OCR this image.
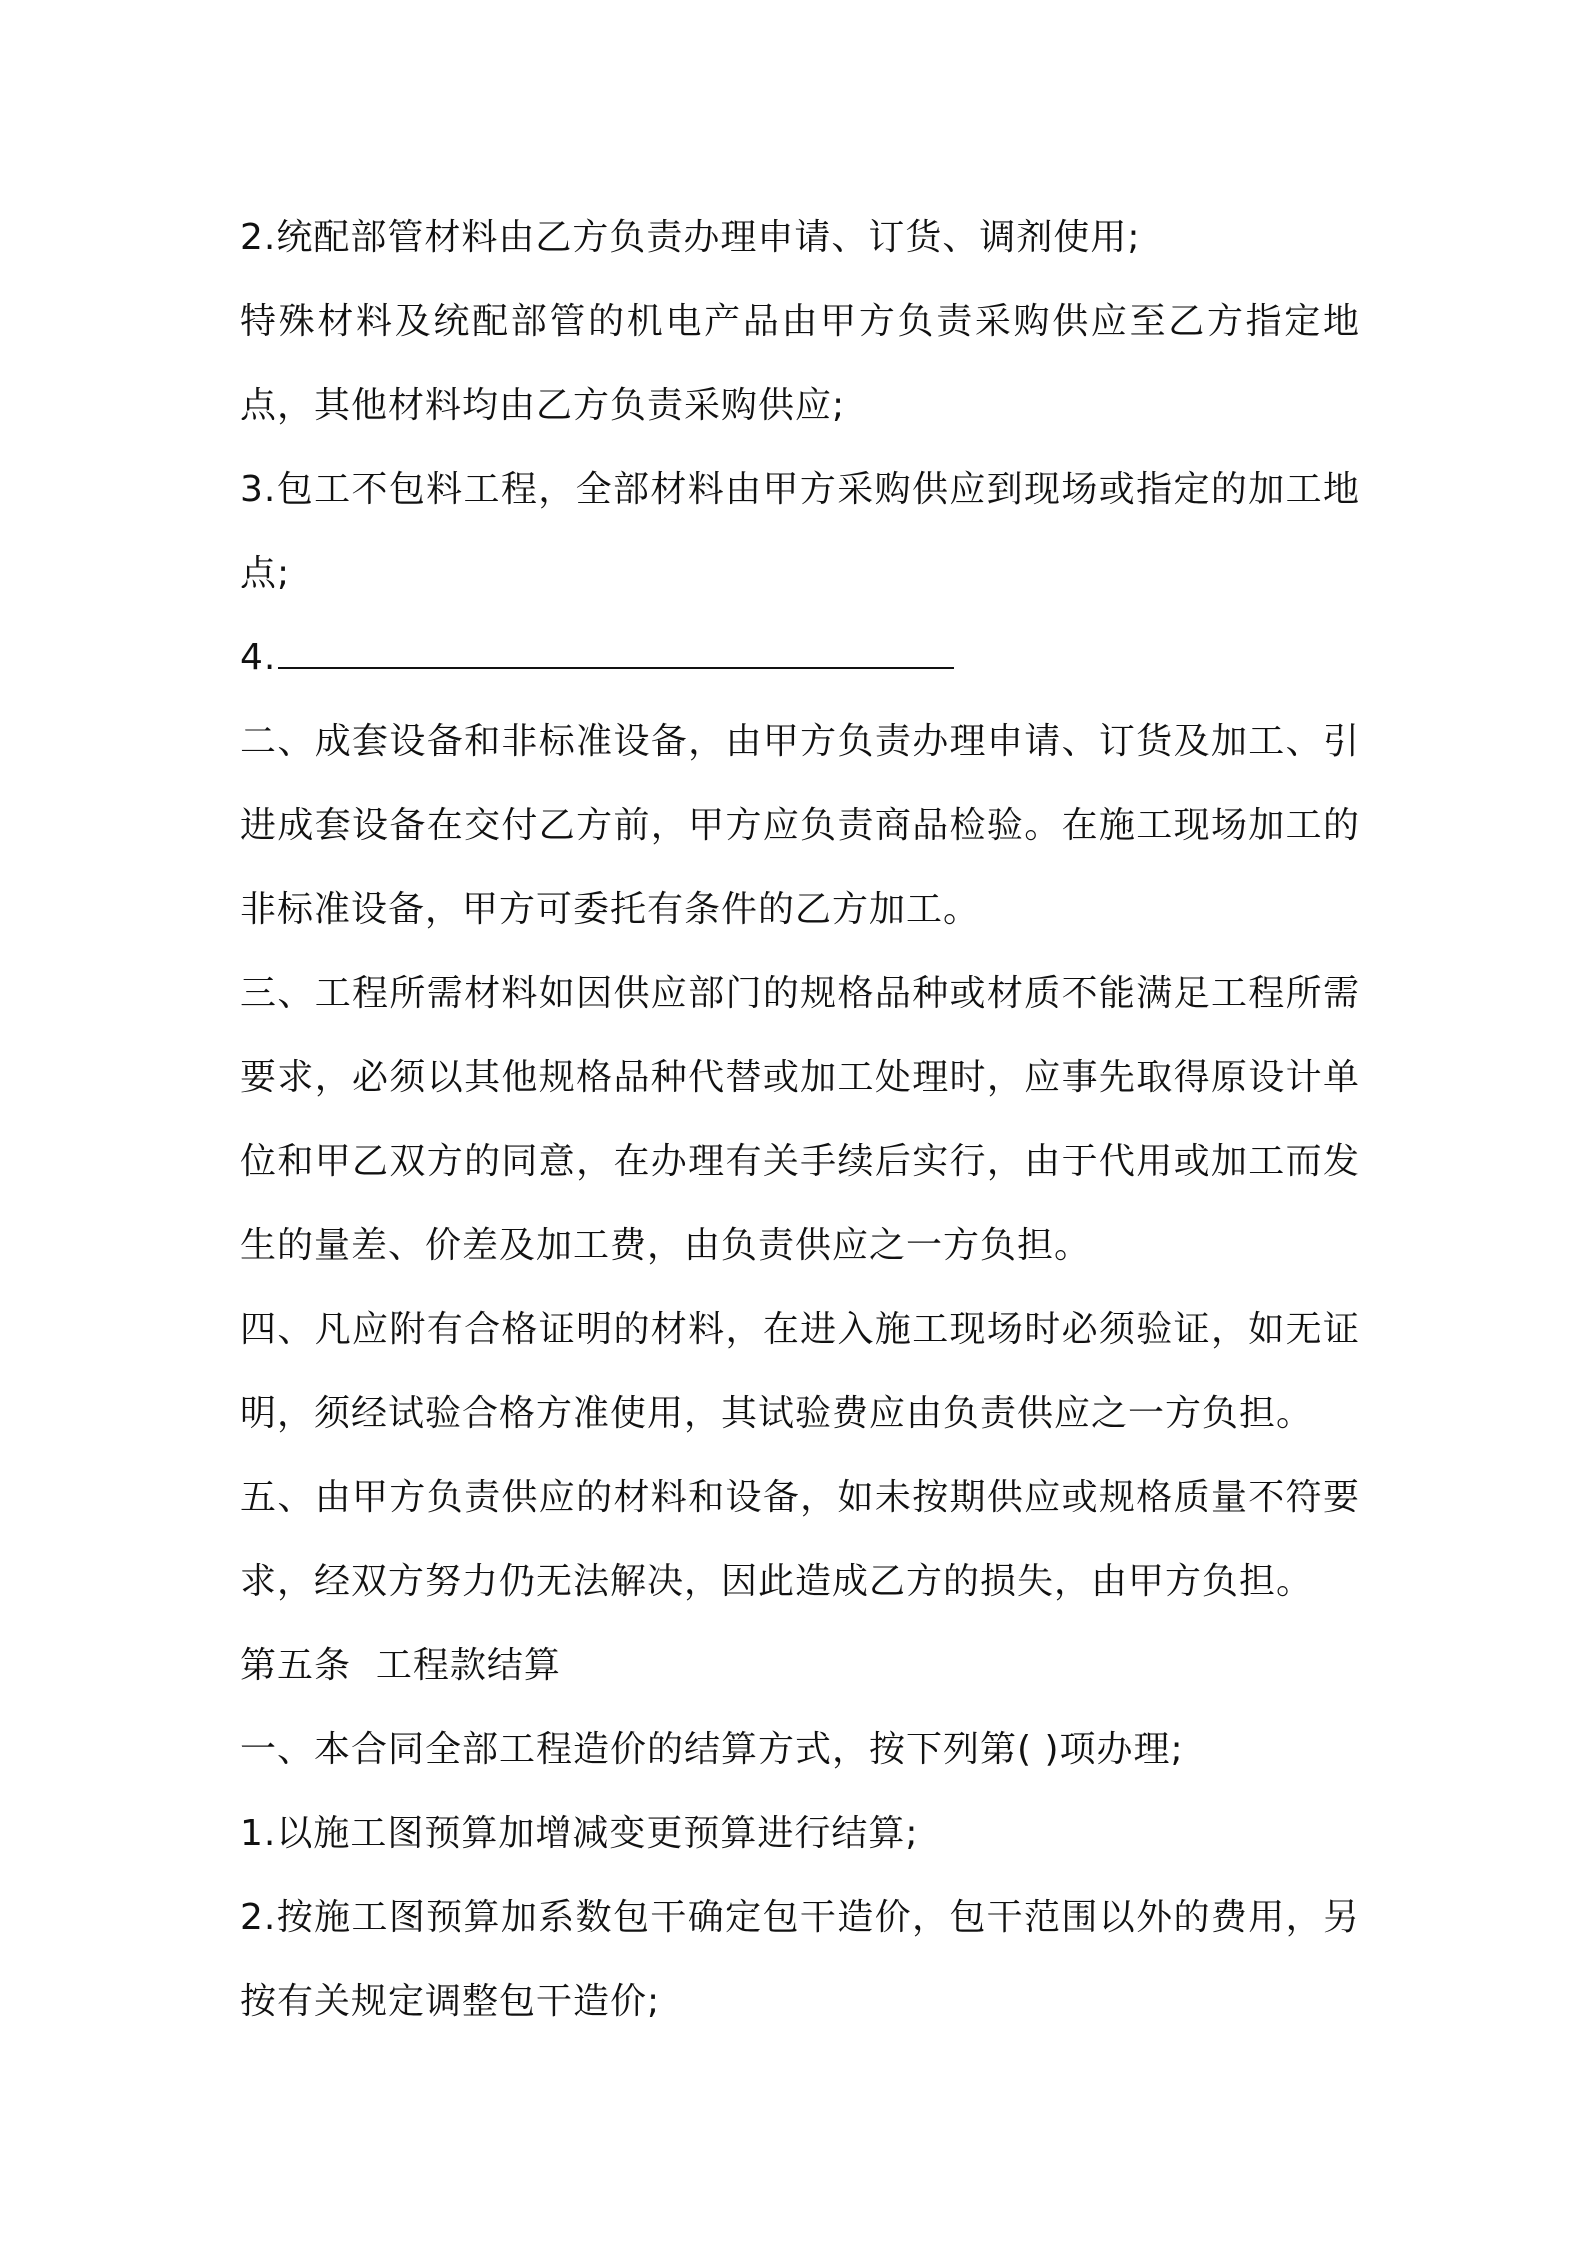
2.统配部管材料由乙方负责办理申请、订货、调剂使用;

特殊材料及统配部管的机电产品由甲方负责采购供应至乙方指定地点，其他材料均由乙方负责采购供应;

3.包工不包料工程，全部材料由甲方采购供应到现场或指定的加工地点;

4.

二、成套设备和非标准设备，由甲方负责办理申请、订货及加工、引进成套设备在交付乙方前，甲方应负责商品检验。在施工现场加工的非标准设备，甲方可委托有条件的乙方加工。

三、工程所需材料如因供应部门的规格品种或材质不能满足工程所需要求，必须以其他规格品种代替或加工处理时，应事先取得原设计单位和甲乙双方的同意，在办理有关手续后实行，由于代用或加工而发生的量差、价差及加工费，由负责供应之一方负担。

四、凡应附有合格证明的材料，在进入施工现场时必须验证，如无证明，须经试验合格方准使用，其试验费应由负责供应之一方负担。

五、由甲方负责供应的材料和设备，如未按期供应或规格质量不符要求，经双方努力仍无法解决，因此造成乙方的损失，由甲方负担。

第五条  工程款结算

一、本合同全部工程造价的结算方式，按下列第( )项办理;

1.以施工图预算加增减变更预算进行结算;

2.按施工图预算加系数包干确定包干造价，包干范围以外的费用，另按有关规定调整包干造价;
